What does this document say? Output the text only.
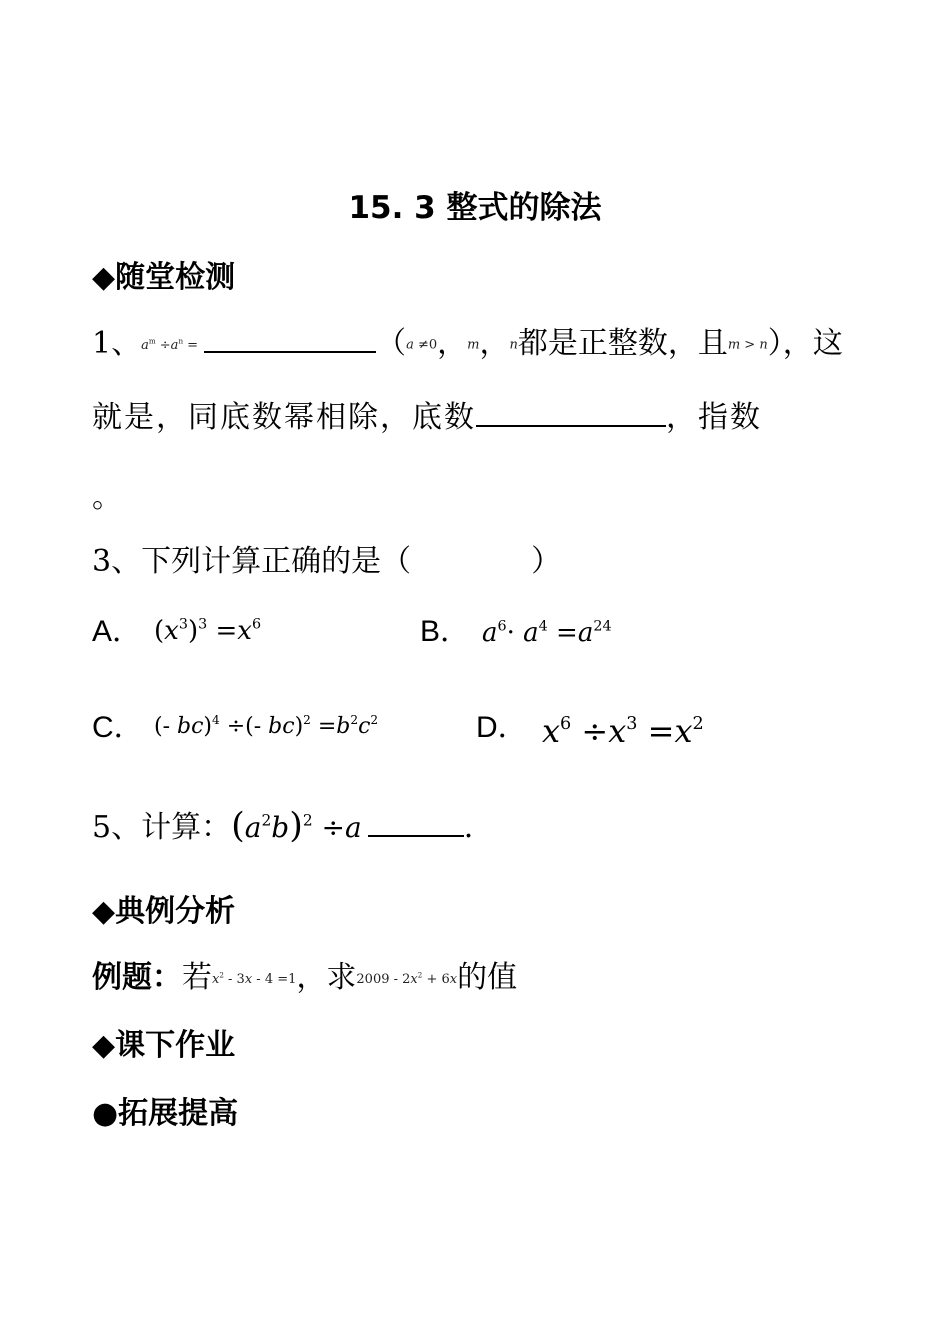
15. 3 整式的除法
◆随堂检测
1、$a^m \div a^n$ =	（a ≠0，m，n都是正整数，且m > n），这
就是，同底数幂相除，底数	，指数
。
3、下列计算正确的是（　　　　）
A． $(x^3)^3 =x^6$	B． $a^6\cdot a^4 =a^{24}$
C． (- bc)$^4$ ÷(- $bc)^2 =b^2c^2$	D． $x^6 \div x^3 =x^2$
5、计算：$(a^2b)^2 \div a$	.
◆典例分析
例题：若$x^2 - 3x - 4 =1$，求$2009 - 2x^2 + 6x$的值
◆课下作业
●拓展提高
